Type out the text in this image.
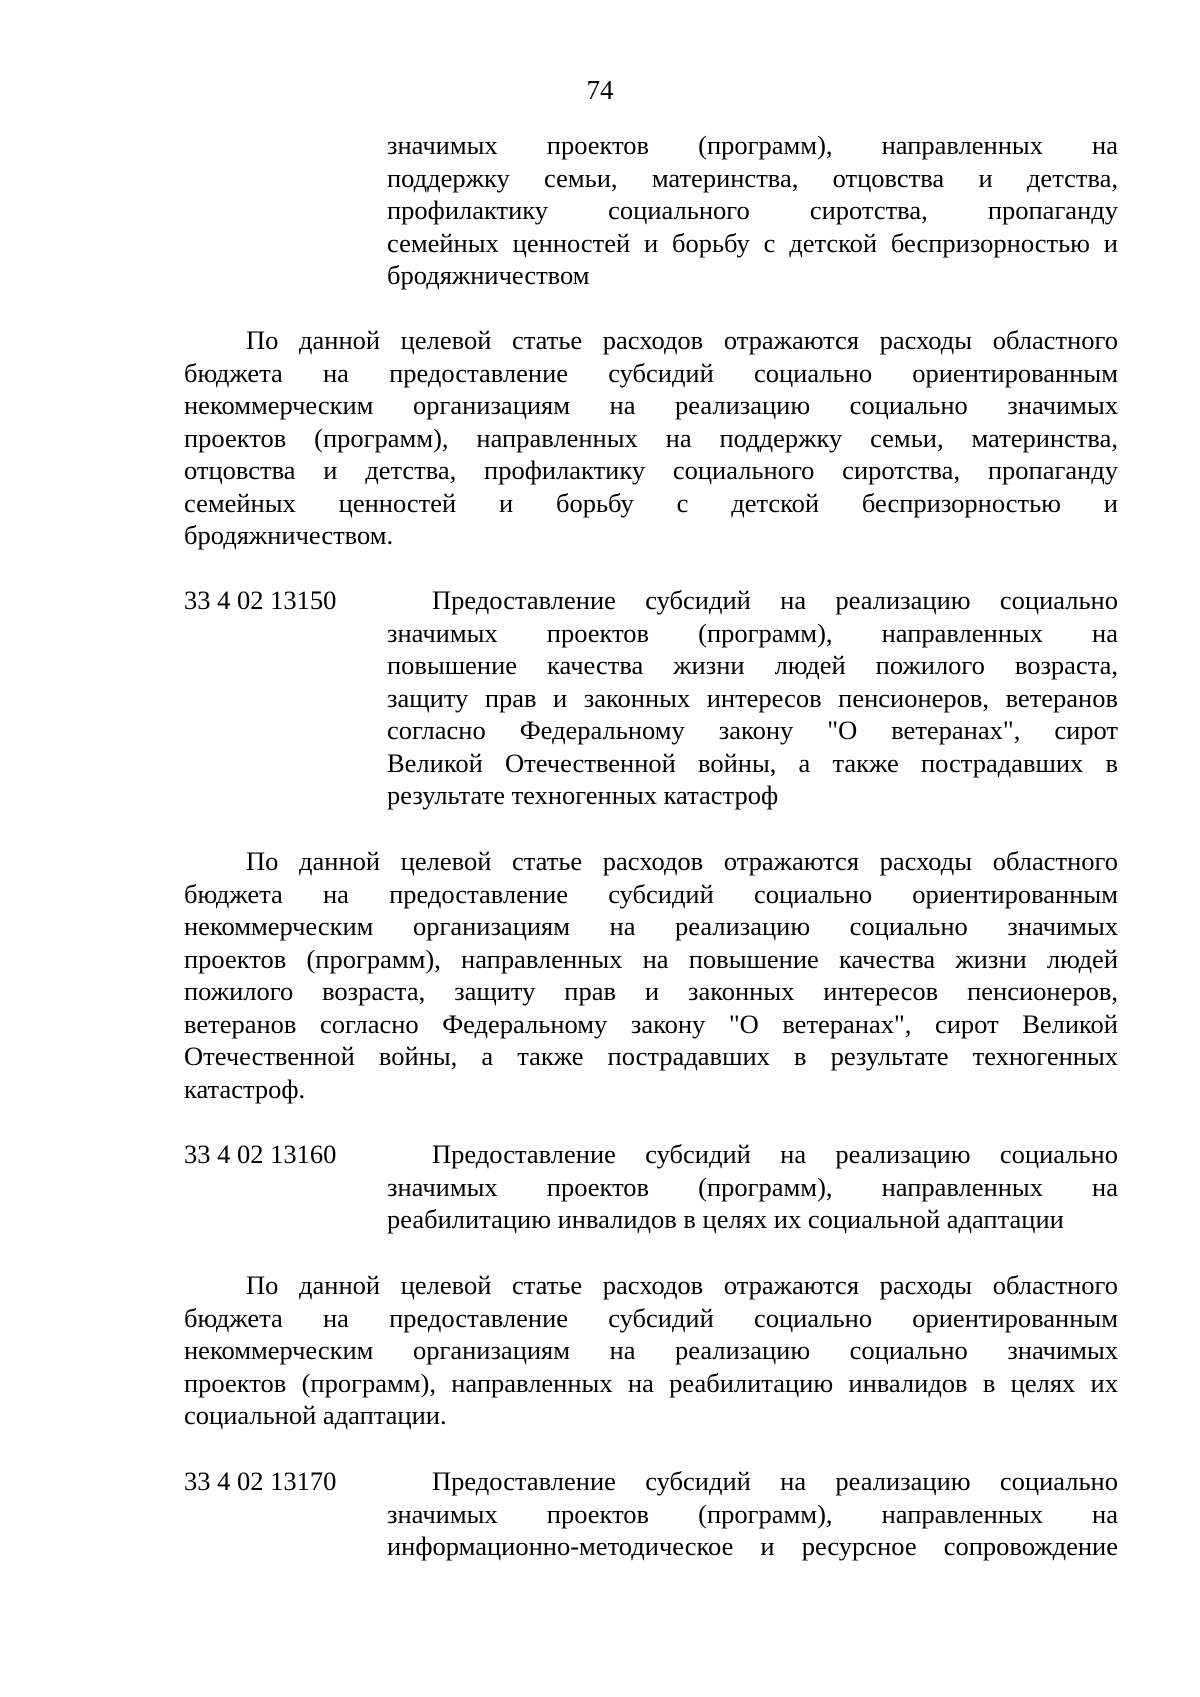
74
значимых проектов (программ), направленных на
поддержку семьи, материнства, отцовства и детства,
профилактику социального сиротства, пропаганду
семейных ценностей и борьбу с детской беспризорностью и
бродяжничеством
По данной целевой статье расходов отражаются расходы областного
бюджета на предоставление субсидий социально ориентированным
некоммерческим организациям на реализацию социально значимых
проектов (программ), направленных на поддержку семьи, материнства,
отцовства и детства, профилактику социального сиротства, пропаганду
семейных ценностей и борьбу с детской беспризорностью и
бродяжничеством.
33 4 02 13150	Предоставление субсидий на реализацию социально
значимых проектов (программ), направленных на
повышение качества жизни людей пожилого возраста,
защиту прав и законных интересов пенсионеров, ветеранов
согласно Федеральному закону "О ветеранах", сирот
Великой Отечественной войны, а также пострадавших в
результате техногенных катастроф
По данной целевой статье расходов отражаются расходы областного
бюджета на предоставление субсидий социально ориентированным
некоммерческим организациям на реализацию социально значимых
проектов (программ), направленных на повышение качества жизни людей
пожилого возраста, защиту прав и законных интересов пенсионеров,
ветеранов согласно Федеральному закону "О ветеранах", сирот Великой
Отечественной войны, а также пострадавших в результате техногенных
катастроф.
33 4 02 13160	Предоставление субсидий на реализацию социально
значимых проектов (программ), направленных на
реабилитацию инвалидов в целях их социальной адаптации
По данной целевой статье расходов отражаются расходы областного
бюджета на предоставление субсидий социально ориентированным
некоммерческим организациям на реализацию социально значимых
проектов (программ), направленных на реабилитацию инвалидов в целях их
социальной адаптации.
33 4 02 13170	Предоставление субсидий на реализацию социально
значимых проектов (программ), направленных на
информационно-методическое и ресурсное сопровождение
